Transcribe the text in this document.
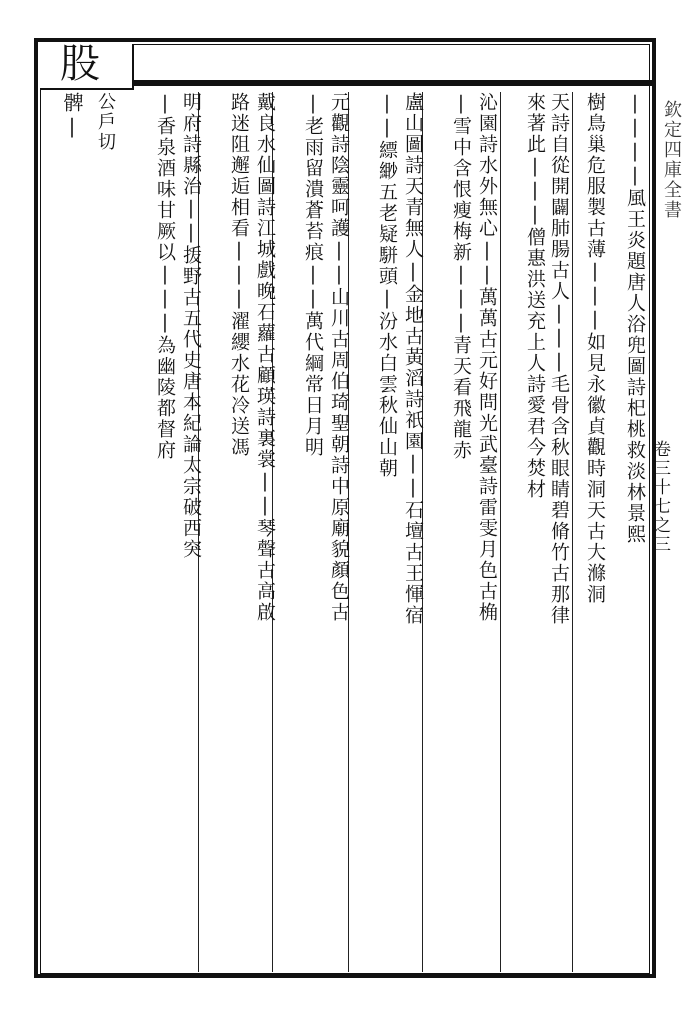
股
欽定四庫全書
卷三十七之三
髀| 公戶切	樹鳥巢危服製古薄|||如見永徽貞觀時洞天古大滌洞 ||||風王炎題唐人浴兜圖詩𣏌桃救淡林景熙
天詩自從開闢肺腸古人|||毛骨含秋眼睛碧脩竹古那律
來著此|||僧惠洪送充上人詩愛君今焚材
沁園詩水外無心||萬萬古元好問光武臺詩雷雯月色古桷
|雪中含恨瘦梅新|||青天看飛龍赤
盧山圖詩天青無人|金地古黃滔詩祇園||石壇古王惲宿
||縹緲五老疑駢頭|汾水白雲秋仙山朝
元觀詩陰靈呵護||山川古周伯琦聖朝詩中原廟貌顏色古
|老雨留潰蒼苔痕||萬代綱常日月明
戴良水仙圖詩江城戲晚石蘿古顧瑛詩裏裳||琴聲古高啟
路迷阻邂逅相看|||濯纓水花冷送馮
明府詩縣治||㧞野古五代史唐本紀論太宗破西突
|香泉酒味甘厥以|||為幽陵都督府
